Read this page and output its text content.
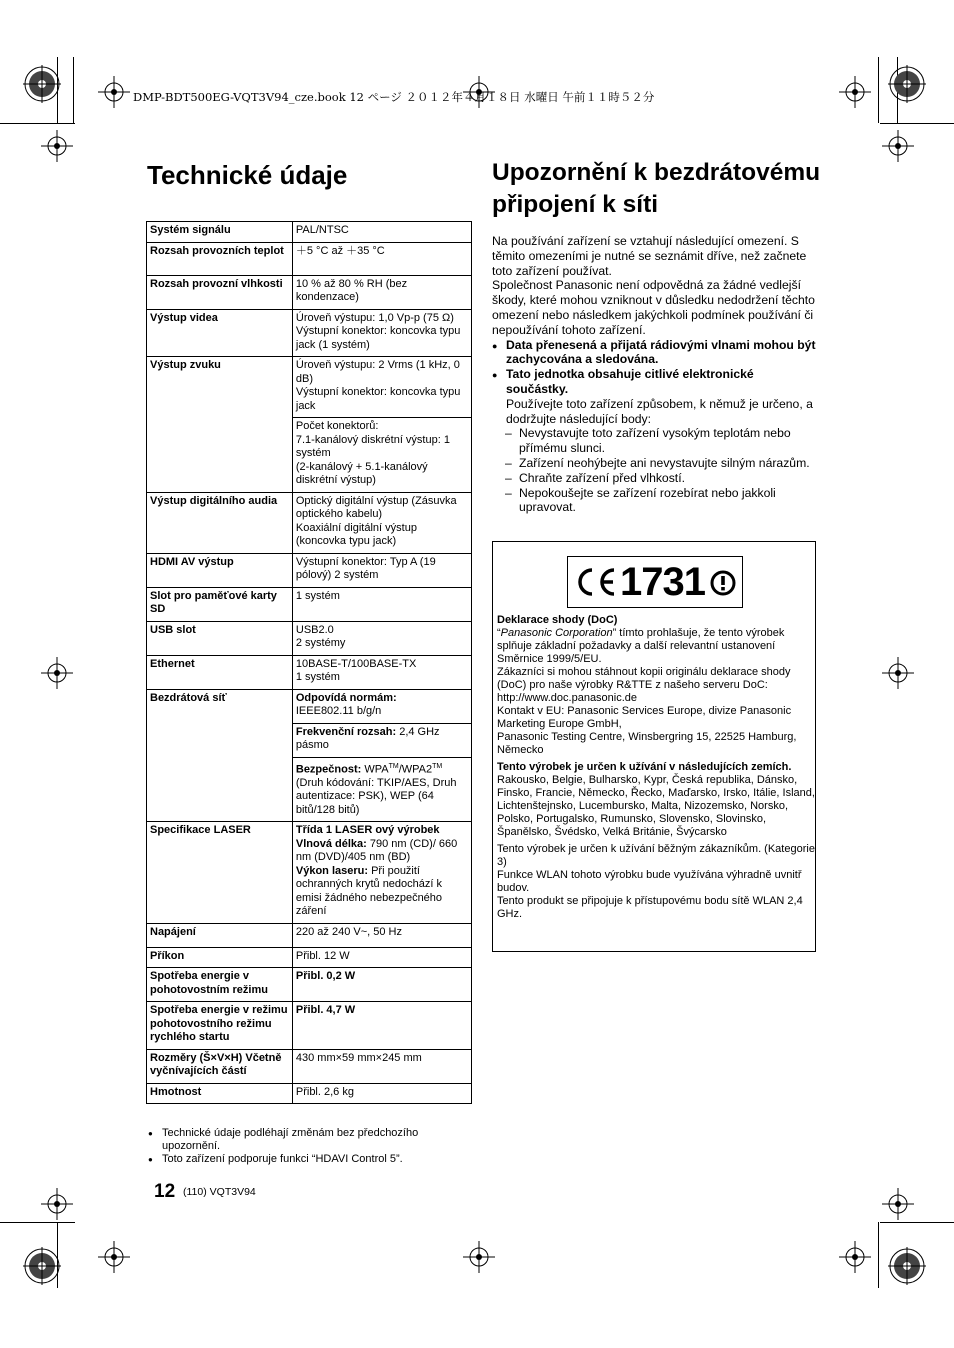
DMP-BDT500EG-VQT3V94_cze.book 12 ページ ２０１２年４月１８日 水曜日 午前１１時５２分
Technické údaje	Upozornění k bezdrátovému připojení k síti
Systém signálu	PAL/NTSC
Rozsah provozních teplot	＋5 °C až ＋35 °C
Rozsah provozní vlhkosti	10 % až 80 % RH (bez kondenzace)
Výstup videa	Úroveň výstupu: 1,0 Vp-p (75 Ω)
Výstupní konektor: koncovka typu jack (1 systém)
Výstup zvuku	Úroveň výstupu: 2 Vrms (1 kHz, 0 dB)
Výstupní konektor: koncovka typu jack
	Počet konektorů:
7.1-kanálový diskrétní výstup: 1 systém
(2-kanálový + 5.1-kanálový diskrétní výstup)
Výstup digitálního audia	Optický digitální výstup (Zásuvka optického kabelu)
Koaxiální digitální výstup (koncovka typu jack)
HDMI AV výstup	Výstupní konektor: Typ A (19 pólový) 2 systém
Slot pro paměťové karty SD	1 systém
USB slot	USB2.0
2 systémy
Ethernet	10BASE-T/100BASE-TX
1 systém
Bezdrátová síť	Odpovídá normám:
IEEE802.11 b/g/n
	Frekvenční rozsah: 2,4 GHz pásmo
	Bezpečnost: WPA™/WPA2™
(Druh kódování: TKIP/AES, Druh autentizace: PSK), WEP (64 bitů/128 bitů)
Specifikace LASER	Třída 1 LASER ový výrobek
Vlnová délka: 790 nm (CD)/ 660 nm (DVD)/405 nm (BD)
Výkon laseru: Při použití ochranných krytů nedochází k emisi žádného nebezpečného záření
Napájení	220 až 240 V~, 50 Hz
Příkon	Přibl. 12 W
Spotřeba energie v pohotovostním režimu	Přibl. 0,2 W
Spotřeba energie v režimu pohotovostního režimu rychlého startu	Přibl. 4,7 W
Rozměry (Š×V×H) Včetně vyčnívajících částí	430 mm×59 mm×245 mm
Hmotnost	Přibl. 2,6 kg
● Technické údaje podléhají změnám bez předchozího upozornění.
● Toto zařízení podporuje funkci “HDAVI Control 5”.
12 (110) VQT3V94

Na používání zařízení se vztahují následující omezení. S těmito omezeními je nutné se seznámit dříve, než začnete toto zařízení používat.

Společnost Panasonic není odpovědná za žádné vedlejší škody, které mohou vzniknout v důsledku nedodržení těchto omezení nebo následkem jakýchkoli podmínek používání či nepoužívání tohoto zařízení.

● Data přenesená a přijatá rádiovými vlnami mohou být zachycována a sledována.

● Tato jednotka obsahuje citlivé elektronické součástky.

Používejte toto zařízení způsobem, k němuž je určeno, a dodržujte následující body:

– Nevystavujte toto zařízení vysokým teplotám nebo přímému slunci.

– Zařízení neohýbejte ani nevystavujte silným nárazům.

– Chraňte zařízení před vlhkostí.

– Nepokoušejte se zařízení rozebírat nebo jakkoli upravovat.

1731

Deklarace shody (DoC)

“Panasonic Corporation” tímto prohlašuje, že tento výrobek splňuje základní požadavky a další relevantní ustanovení Směrnice 1999/5/EU.

Zákazníci si mohou stáhnout kopii originálu deklarace shody (DoC) pro naše výrobky R&TTE z našeho serveru DoC:

http://www.doc.panasonic.de

Kontakt v EU: Panasonic Services Europe, divize Panasonic Marketing Europe GmbH,

Panasonic Testing Centre, Winsbergring 15, 22525 Hamburg, Německo

Tento výrobek je určen k užívání v následujících zemích.

Rakousko, Belgie, Bulharsko, Kypr, Česká republika, Dánsko, Finsko, Francie, Německo, Řecko, Maďarsko, Irsko, Itálie, Island, Lichtenštejnsko, Lucembursko, Malta, Nizozemsko, Norsko, Polsko, Portugalsko, Rumunsko, Slovensko, Slovinsko, Španělsko, Švédsko, Velká Británie, Švýcarsko

Tento výrobek je určen k užívání běžným zákazníkům. (Kategorie 3)

Funkce WLAN tohoto výrobku bude využívána výhradně uvnitř budov.

Tento produkt se připojuje k přístupovému bodu sítě WLAN 2,4 GHz.
